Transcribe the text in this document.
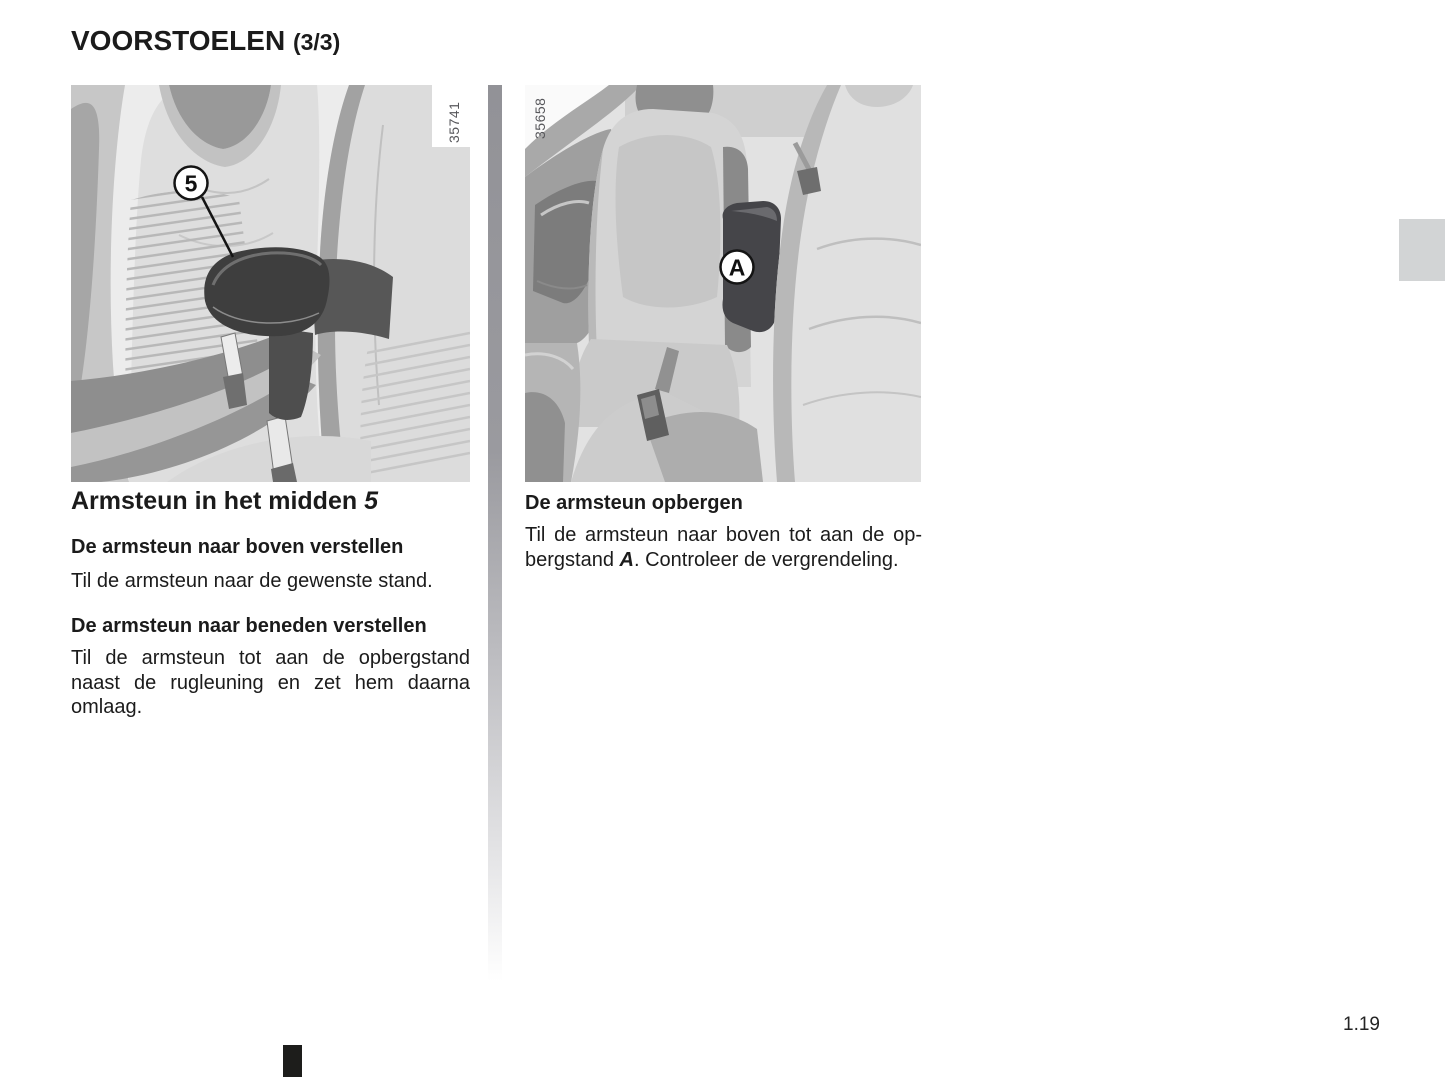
VOORSTOELEN (3/3)
5
35741
A
35658
Armsteun in het midden 5
De armsteun naar boven verstellen

Til de armsteun naar de gewenste stand.

De armsteun naar beneden verstellen

Til de armsteun tot aan de opbergstand
naast de rugleuning en zet hem daarna
omlaag.

De armsteun opbergen

Til de armsteun naar boven tot aan de op-
bergstand A. Controleer de vergrendeling.

1.19
